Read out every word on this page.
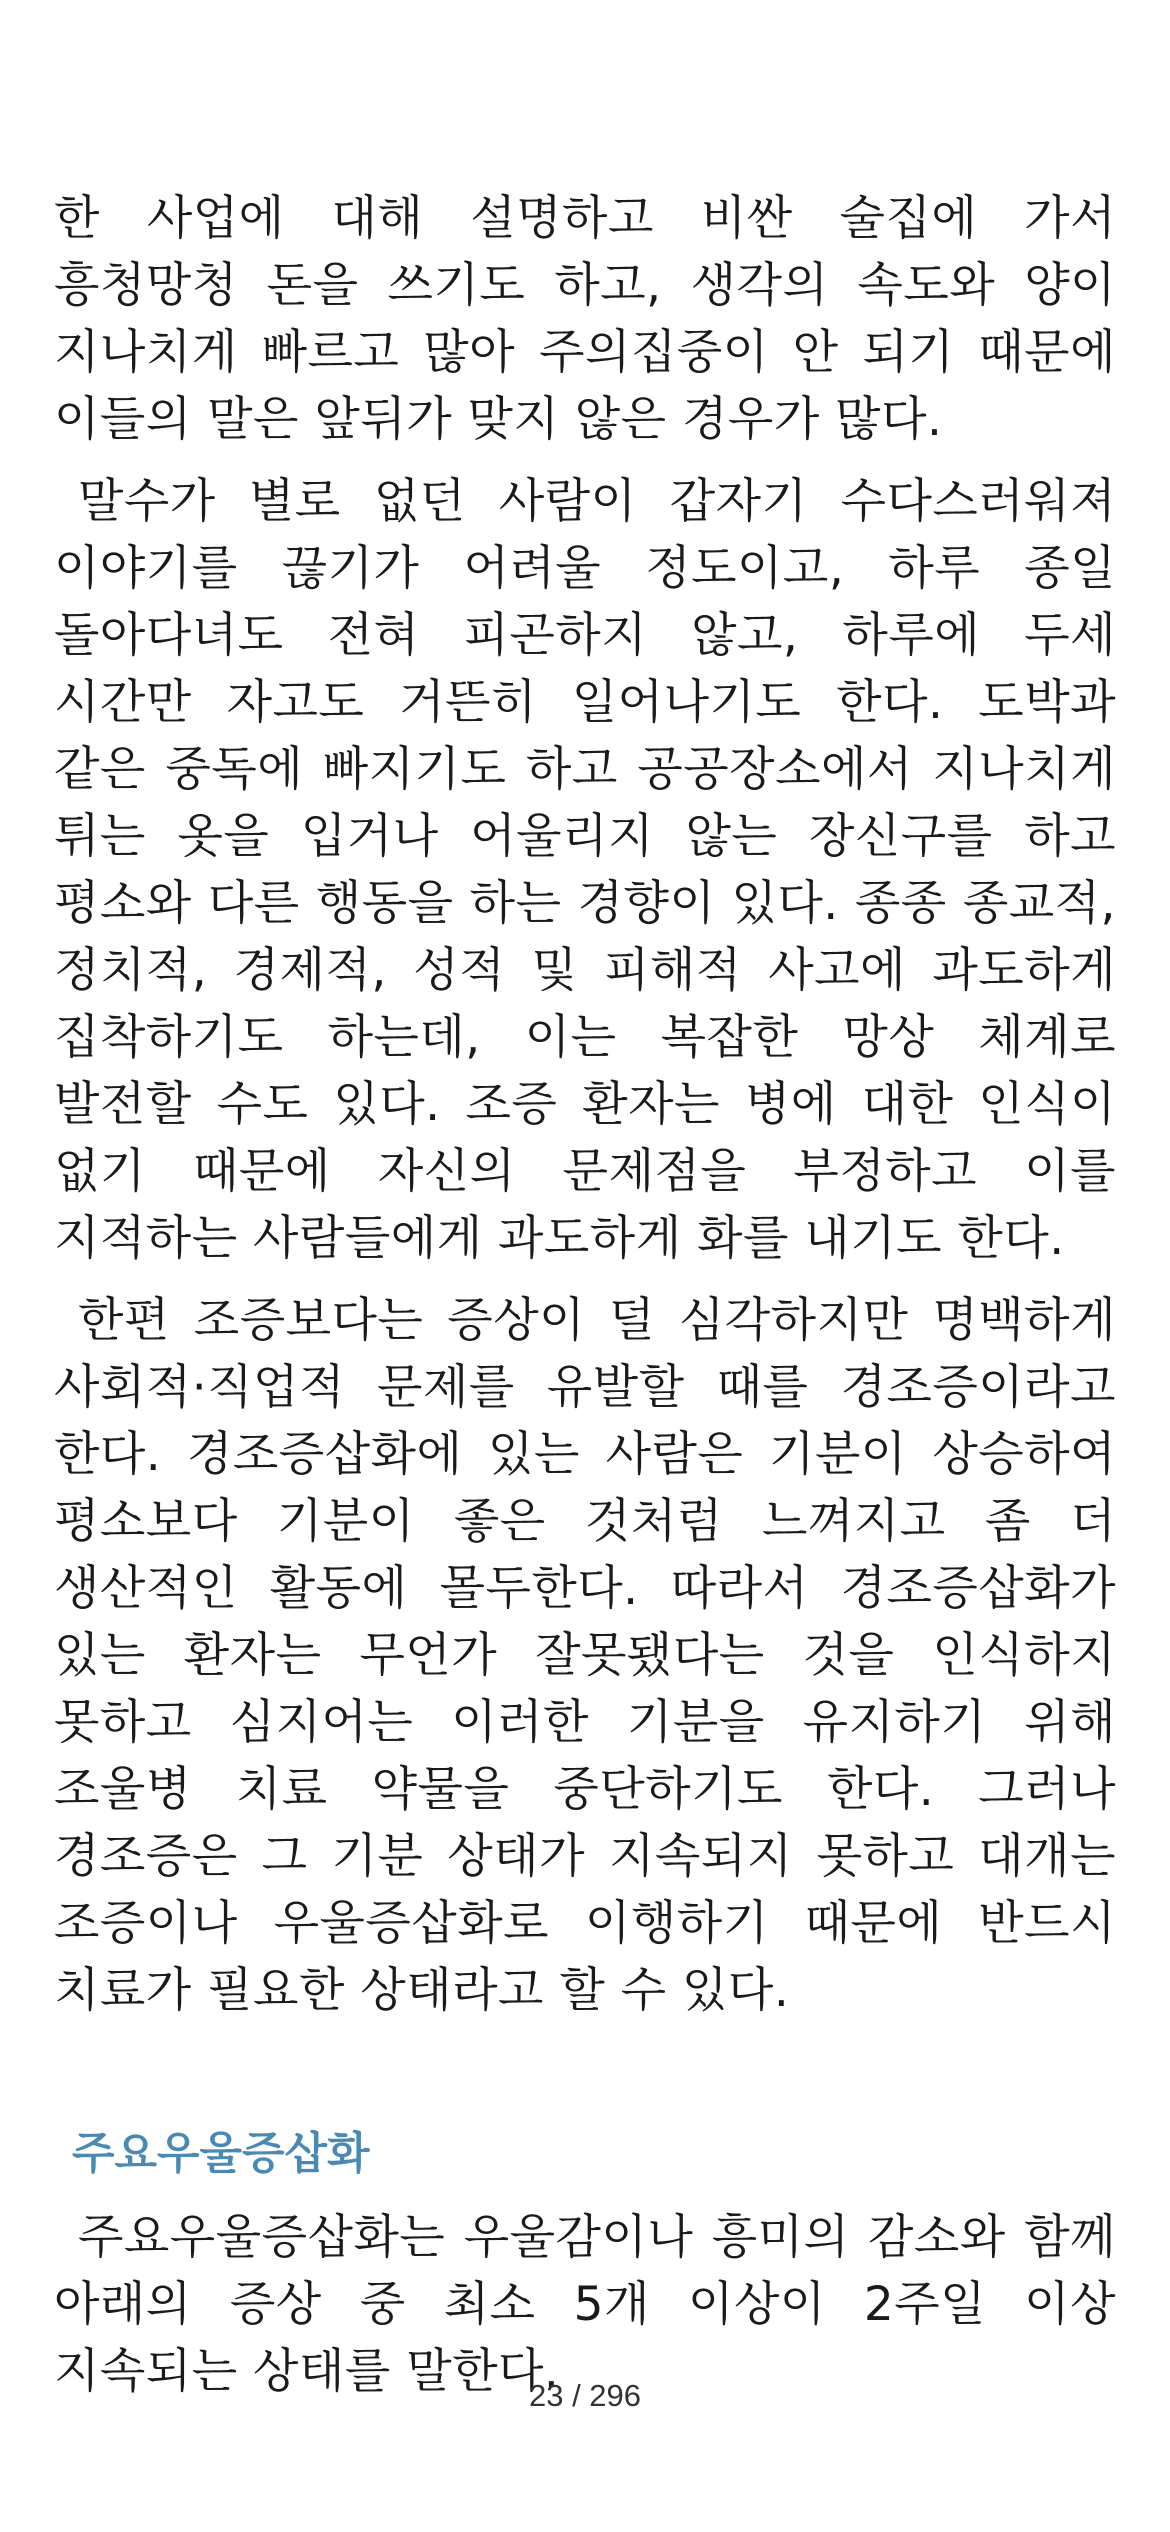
한 사업에 대해 설명하고 비싼 술집에 가서 흥청망청 돈을 쓰기도 하고, 생각의 속도와 양이 지나치게 빠르고 많아 주의집중이 안 되기 때문에 이들의 말은 앞뒤가 맞지 않은 경우가 많다.

말수가 별로 없던 사람이 갑자기 수다스러워져 이야기를 끊기가 어려울 정도이고, 하루 종일 돌아다녀도 전혀 피곤하지 않고, 하루에 두세 시간만 자고도 거뜬히 일어나기도 한다. 도박과 같은 중독에 빠지기도 하고 공공장소에서 지나치게 튀는 옷을 입거나 어울리지 않는 장신구를 하고 평소와 다른 행동을 하는 경향이 있다. 종종 종교적, 정치적, 경제적, 성적 및 피해적 사고에 과도하게 집착하기도 하는데, 이는 복잡한 망상 체계로 발전할 수도 있다. 조증 환자는 병에 대한 인식이 없기 때문에 자신의 문제점을 부정하고 이를 지적하는 사람들에게 과도하게 화를 내기도 한다.

한편 조증보다는 증상이 덜 심각하지만 명백하게 사회적·직업적 문제를 유발할 때를 경조증이라고 한다. 경조증삽화에 있는 사람은 기분이 상승하여 평소보다 기분이 좋은 것처럼 느껴지고 좀 더 생산적인 활동에 몰두한다. 따라서 경조증삽화가 있는 환자는 무언가 잘못됐다는 것을 인식하지 못하고 심지어는 이러한 기분을 유지하기 위해 조울병 치료 약물을 중단하기도 한다. 그러나 경조증은 그 기분 상태가 지속되지 못하고 대개는 조증이나 우울증삽화로 이행하기 때문에 반드시 치료가 필요한 상태라고 할 수 있다.

주요우울증삽화

주요우울증삽화는 우울감이나 흥미의 감소와 함께 아래의 증상 중 최소 5개 이상이 2주일 이상 지속되는 상태를 말한다.

23 / 296
